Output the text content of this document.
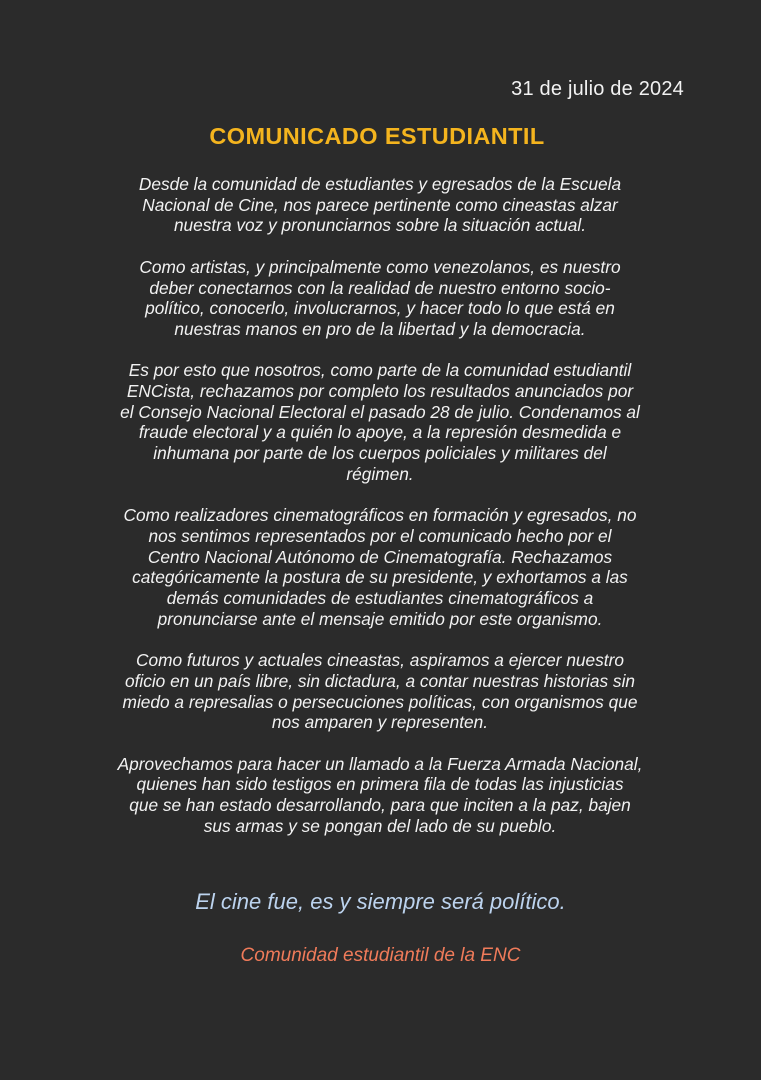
31 de julio de 2024
COMUNICADO ESTUDIANTIL

Desde la comunidad de estudiantes y egresados de la Escuela
Nacional de Cine, nos parece pertinente como cineastas alzar
nuestra voz y pronunciarnos sobre la situación actual.

Como artistas, y principalmente como venezolanos, es nuestro
deber conectarnos con la realidad de nuestro entorno socio-
político, conocerlo, involucrarnos, y hacer todo lo que está en
nuestras manos en pro de la libertad y la democracia.

Es por esto que nosotros, como parte de la comunidad estudiantil
ENCista, rechazamos por completo los resultados anunciados por
el Consejo Nacional Electoral el pasado 28 de julio. Condenamos al
fraude electoral y a quién lo apoye, a la represión desmedida e
inhumana por parte de los cuerpos policiales y militares del
régimen.

Como realizadores cinematográficos en formación y egresados, no
nos sentimos representados por el comunicado hecho por el
Centro Nacional Autónomo de Cinematografía. Rechazamos
categóricamente la postura de su presidente, y exhortamos a las
demás comunidades de estudiantes cinematográficos a
pronunciarse ante el mensaje emitido por este organismo.

Como futuros y actuales cineastas, aspiramos a ejercer nuestro
oficio en un país libre, sin dictadura, a contar nuestras historias sin
miedo a represalias o persecuciones políticas, con organismos que
nos amparen y representen.

Aprovechamos para hacer un llamado a la Fuerza Armada Nacional,
quienes han sido testigos en primera fila de todas las injusticias
que se han estado desarrollando, para que inciten a la paz, bajen
sus armas y se pongan del lado de su pueblo.

El cine fue, es y siempre será político.
Comunidad estudiantil de la ENC
